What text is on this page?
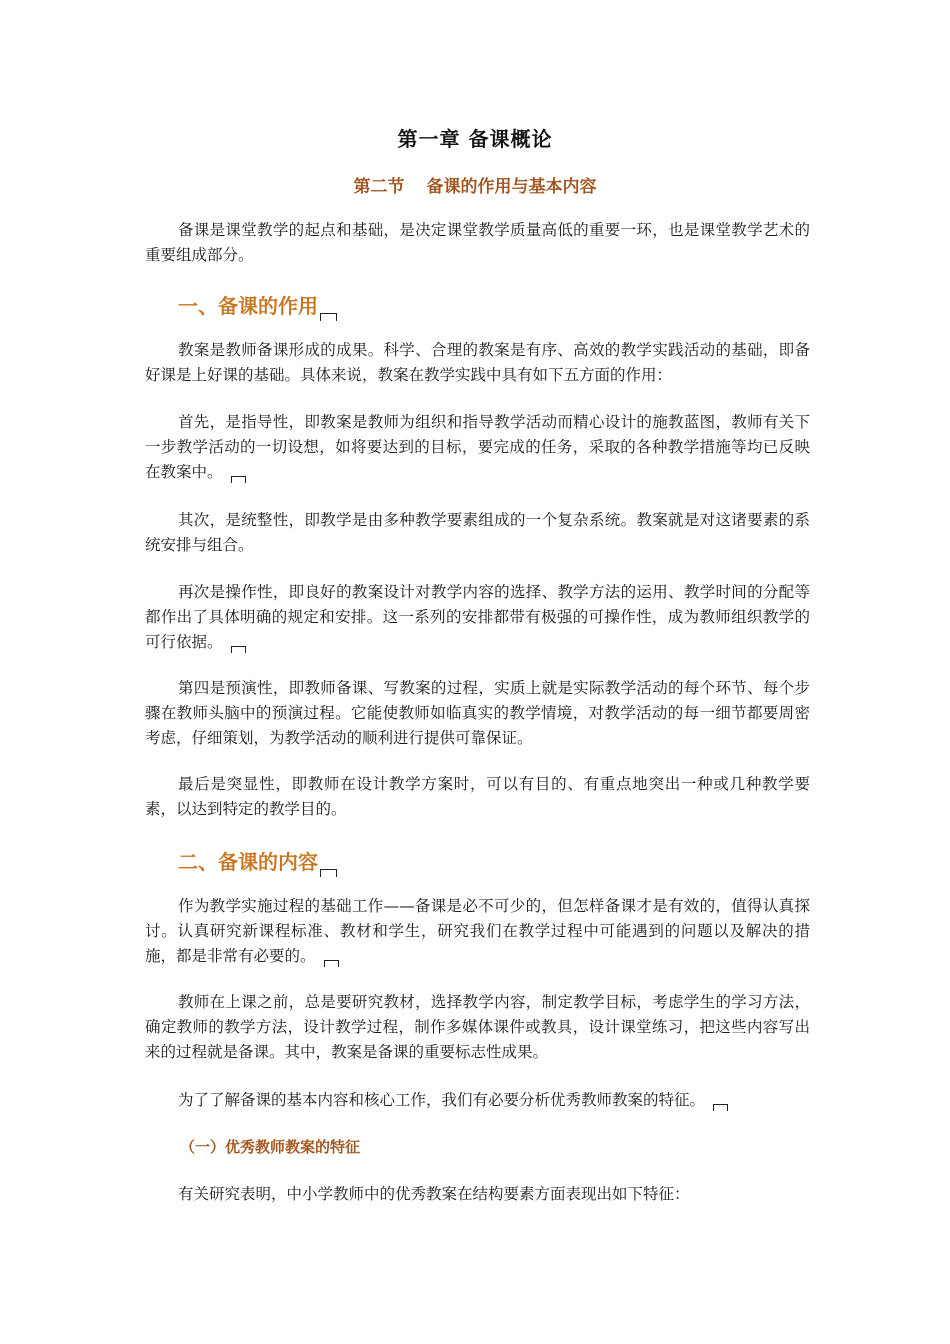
第一章 备课概论
第二节 备课的作用与基本内容

备课是课堂教学的起点和基础，是决定课堂教学质量高低的重要一环，也是课堂教学艺术的重要组成部分。

一、备课的作用

教案是教师备课形成的成果。科学、合理的教案是有序、高效的教学实践活动的基础，即备好课是上好课的基础。具体来说，教案在教学实践中具有如下五方面的作用：

首先，是指导性，即教案是教师为组织和指导教学活动而精心设计的施教蓝图，教师有关下一步教学活动的一切设想，如将要达到的目标，要完成的任务，采取的各种教学措施等均已反映在教案中。

其次，是统整性，即教学是由多种教学要素组成的一个复杂系统。教案就是对这诸要素的系统安排与组合。

再次是操作性，即良好的教案设计对教学内容的选择、教学方法的运用、教学时间的分配等都作出了具体明确的规定和安排。这一系列的安排都带有极强的可操作性，成为教师组织教学的可行依据。

第四是预演性，即教师备课、写教案的过程，实质上就是实际教学活动的每个环节、每个步骤在教师头脑中的预演过程。它能使教师如临真实的教学情境，对教学活动的每一细节都要周密考虑，仔细策划，为教学活动的顺利进行提供可靠保证。

最后是突显性，即教师在设计教学方案时，可以有目的、有重点地突出一种或几种教学要素，以达到特定的教学目的。

二、备课的内容

作为教学实施过程的基础工作——备课是必不可少的，但怎样备课才是有效的，值得认真探讨。认真研究新课程标准、教材和学生，研究我们在教学过程中可能遇到的问题以及解决的措施，都是非常有必要的。

教师在上课之前，总是要研究教材，选择教学内容，制定教学目标，考虑学生的学习方法，确定教师的教学方法，设计教学过程，制作多媒体课件或教具，设计课堂练习，把这些内容写出来的过程就是备课。其中，教案是备课的重要标志性成果。

为了了解备课的基本内容和核心工作，我们有必要分析优秀教师教案的特征。

（一）优秀教师教案的特征

有关研究表明，中小学教师中的优秀教案在结构要素方面表现出如下特征：
